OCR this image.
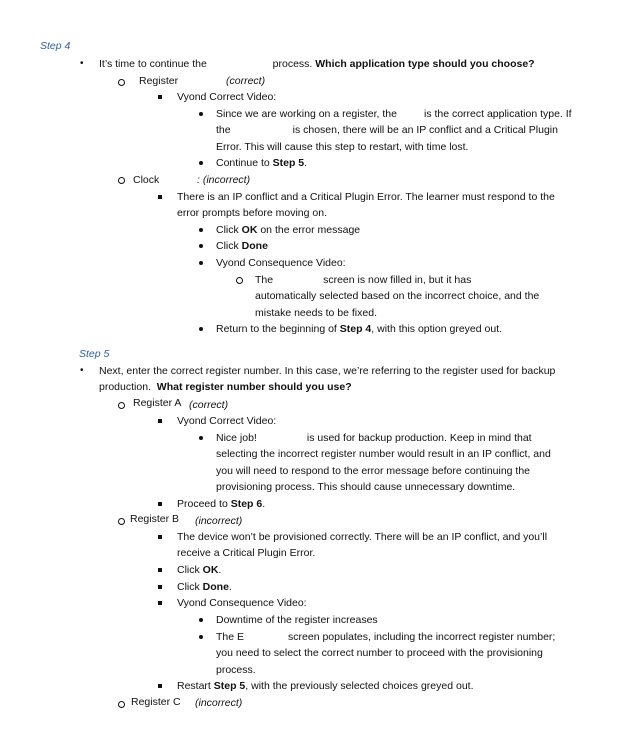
Step 4
• It’s time to continue the	process. Which application type should you choose?
Register	(correct)
Vyond Correct Video:
Since we are working on a register, the	is the correct application type. If
the	is chosen, there will be an IP conflict and a Critical Plugin
Error. This will cause this step to restart, with time lost.
Continue to Step 5.
Clock	: (incorrect)
There is an IP conflict and a Critical Plugin Error. The learner must respond to the
error prompts before moving on.
Click OK on the error message
Click Done
Vyond Consequence Video:
The	screen is now filled in, but it has
automatically selected based on the incorrect choice, and the
mistake needs to be fixed.
Return to the beginning of Step 4, with this option greyed out.
Step 5
• Next, enter the correct register number. In this case, we’re referring to the register used for backup
production. What register number should you use?
Register A (correct)
Vyond Correct Video:
Nice job!	is used for backup production. Keep in mind that
selecting the incorrect register number would result in an IP conflict, and
you will need to respond to the error message before continuing the
provisioning process. This should cause unnecessary downtime.
Proceed to Step 6.
Register B (incorrect)
The device won’t be provisioned correctly. There will be an IP conflict, and you’ll
receive a Critical Plugin Error.
Click OK.
Click Done.
Vyond Consequence Video:
Downtime of the register increases
The E	screen populates, including the incorrect register number;
you need to select the correct number to proceed with the provisioning
process.
Restart Step 5, with the previously selected choices greyed out.
Register C (incorrect)
